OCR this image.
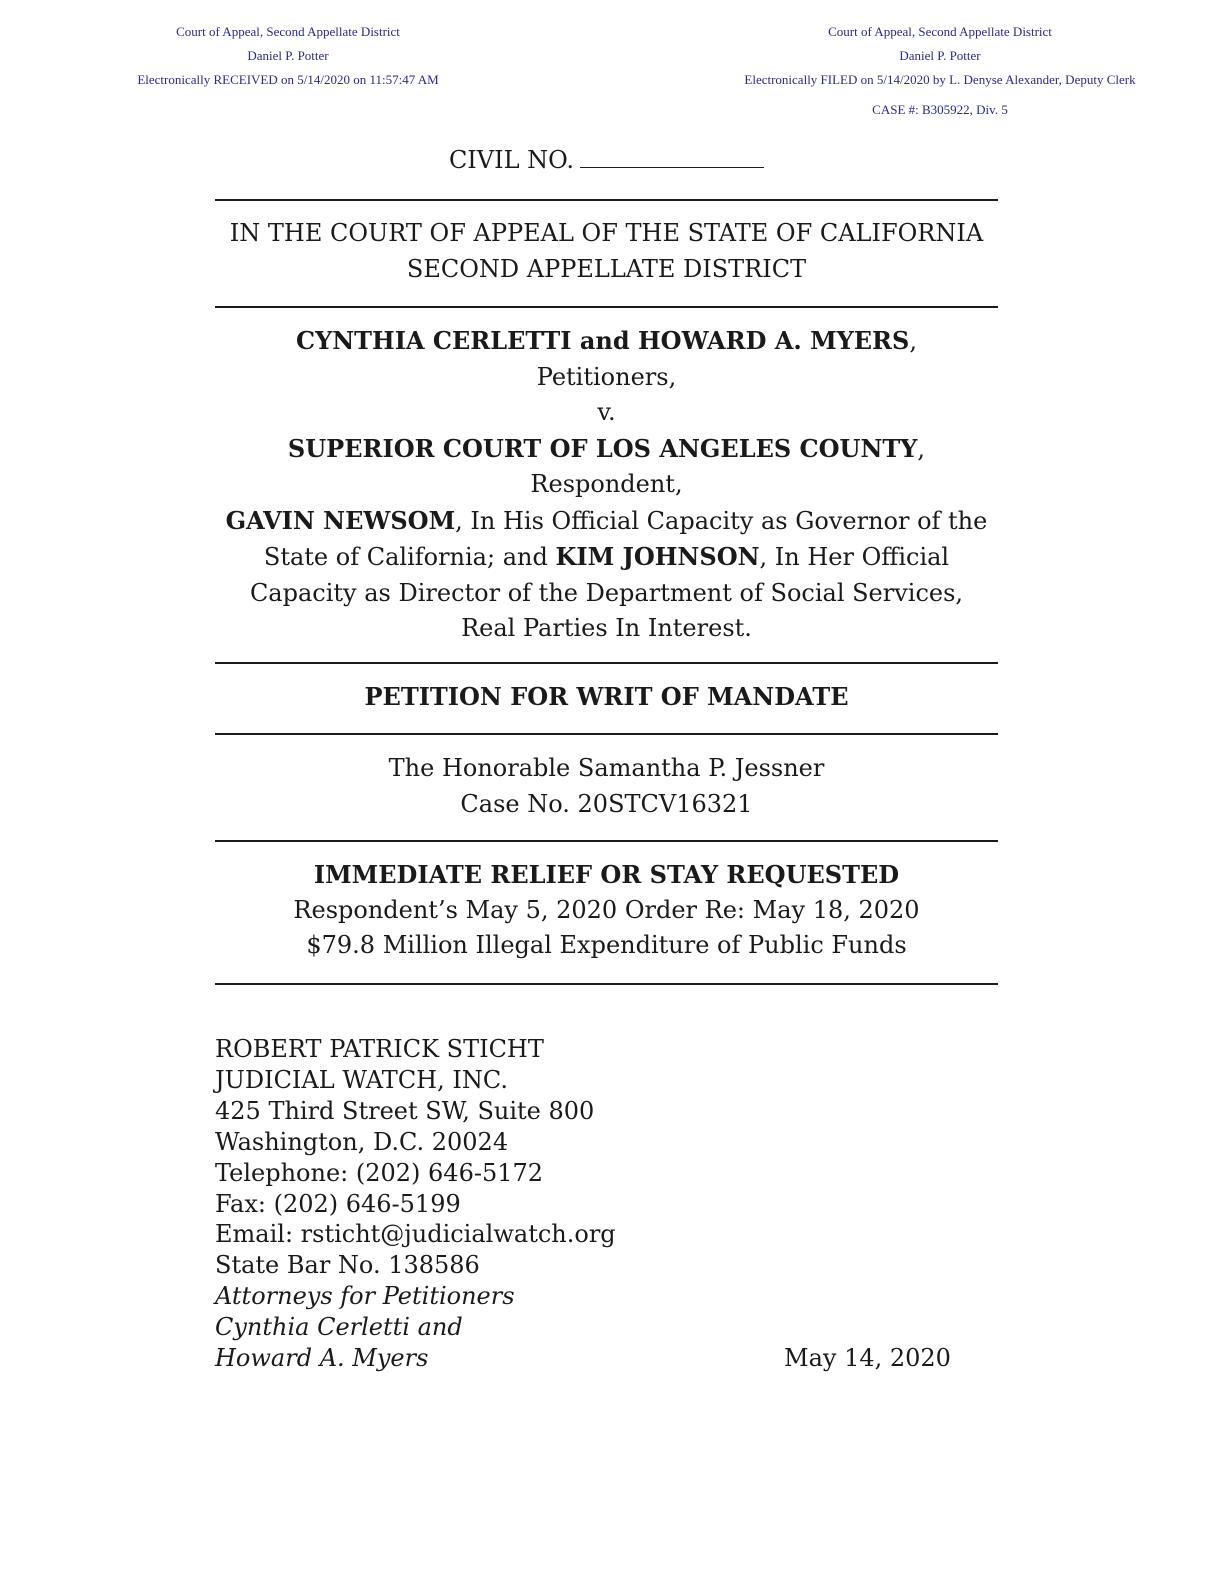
Court of Appeal, Second Appellate District
Daniel P. Potter
Electronically RECEIVED on 5/14/2020 on 11:57:47 AM
Court of Appeal, Second Appellate District
Daniel P. Potter
Electronically FILED on 5/14/2020 by L. Denyse Alexander, Deputy Clerk
CASE #: B305922, Div. 5
CIVIL NO.
IN THE COURT OF APPEAL OF THE STATE OF CALIFORNIA
SECOND APPELLATE DISTRICT
CYNTHIA CERLETTI and HOWARD A. MYERS,
Petitioners,
v.
SUPERIOR COURT OF LOS ANGELES COUNTY,
Respondent,
GAVIN NEWSOM, In His Official Capacity as Governor of the
State of California; and KIM JOHNSON, In Her Official
Capacity as Director of the Department of Social Services,
Real Parties In Interest.
PETITION FOR WRIT OF MANDATE
The Honorable Samantha P. Jessner
Case No. 20STCV16321
IMMEDIATE RELIEF OR STAY REQUESTED
Respondent’s May 5, 2020 Order Re: May 18, 2020
$79.8 Million Illegal Expenditure of Public Funds
ROBERT PATRICK STICHT
JUDICIAL WATCH, INC.
425 Third Street SW, Suite 800
Washington, D.C. 20024
Telephone: (202) 646-5172
Fax: (202) 646-5199
Email: rsticht@judicialwatch.org
State Bar No. 138586
Attorneys for Petitioners
Cynthia Cerletti and
Howard A. Myers	May 14, 2020
